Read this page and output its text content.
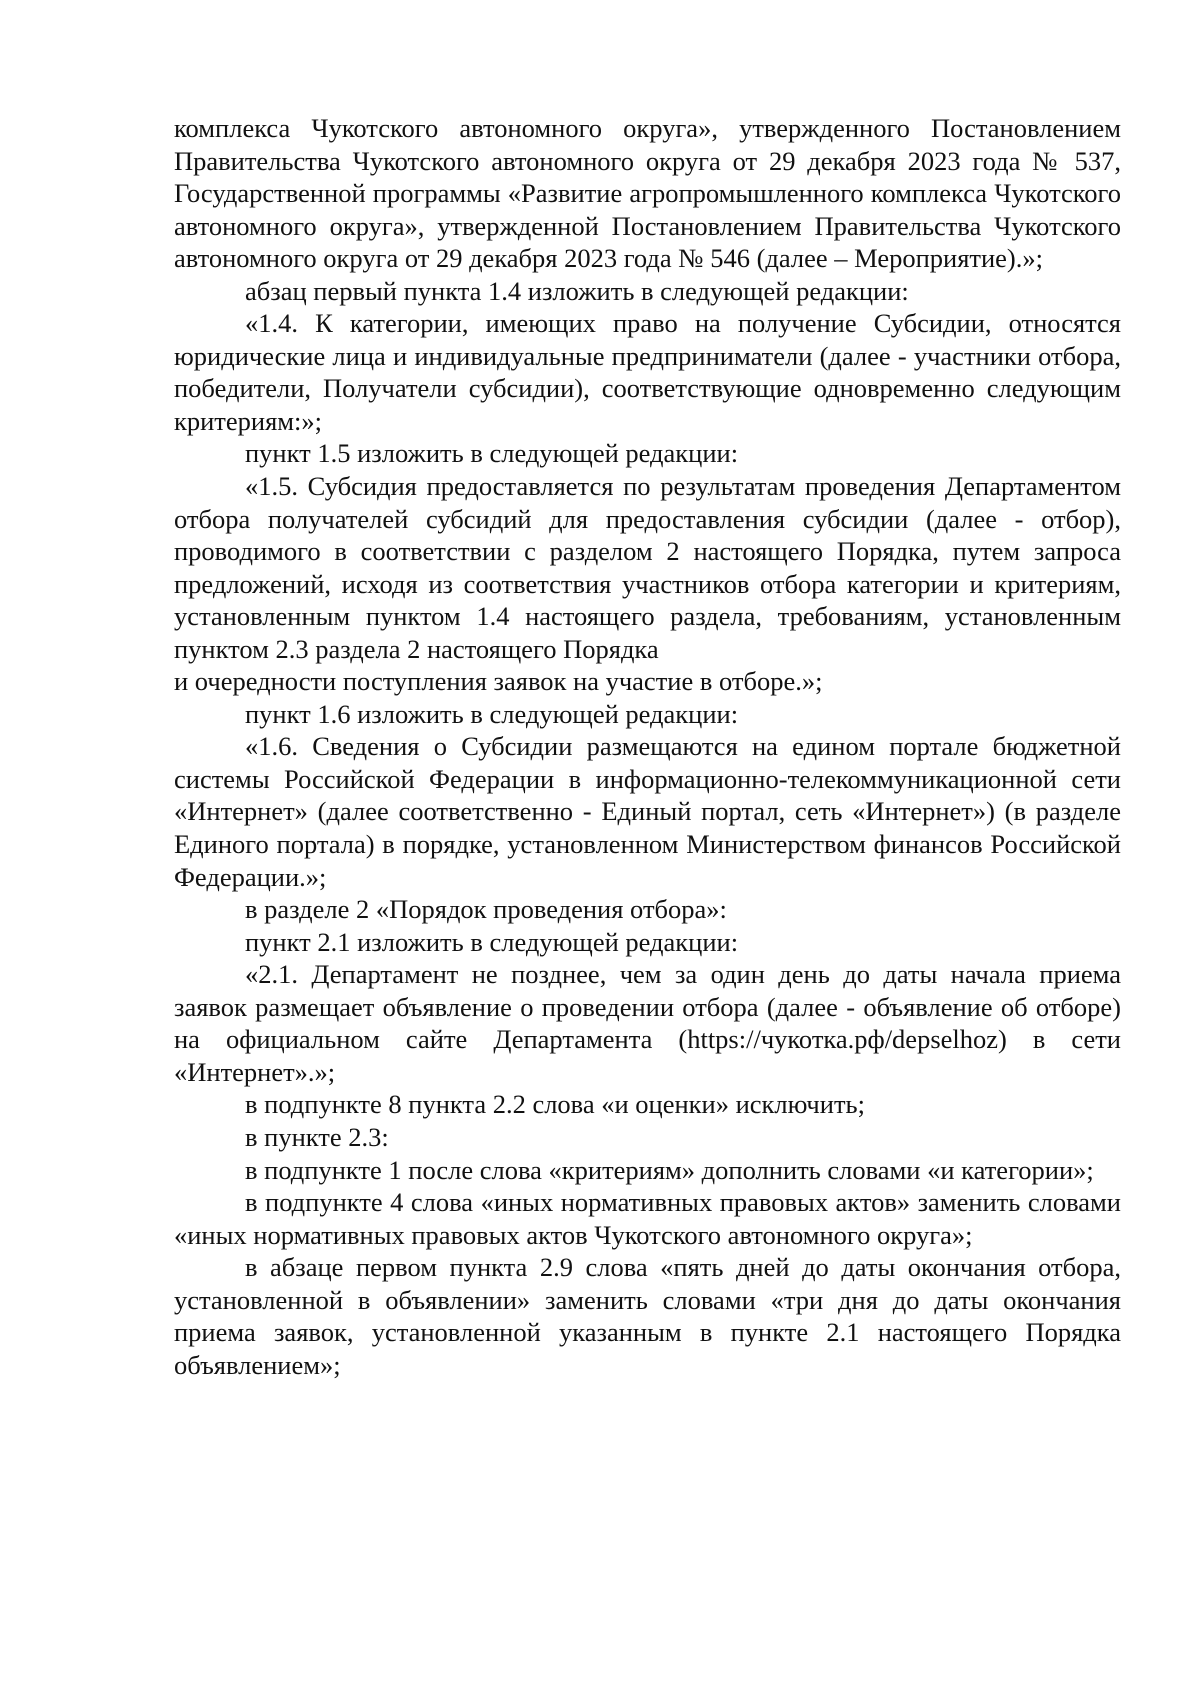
комплекса Чукотского автономного округа», утвержденного Постановлением Правительства Чукотского автономного округа от 29 декабря 2023 года № 537, Государственной программы «Развитие агропромышленного комплекса Чукотского автономного округа», утвержденной Постановлением Правительства Чукотского автономного округа от 29 декабря 2023 года № 546 (далее – Мероприятие).»;

абзац первый пункта 1.4 изложить в следующей редакции:

«1.4. К категории, имеющих право на получение Субсидии, относятся юридические лица и индивидуальные предприниматели (далее - участники отбора, победители, Получатели субсидии), соответствующие одновременно следующим критериям:»;

пункт 1.5 изложить в следующей редакции:

«1.5. Субсидия предоставляется по результатам проведения Департаментом отбора получателей субсидий для предоставления субсидии (далее - отбор), проводимого в соответствии с разделом 2 настоящего Порядка, путем запроса предложений, исходя из соответствия участников отбора категории и критериям, установленным пунктом 1.4 настоящего раздела, требованиям, установленным пунктом 2.3 раздела 2 настоящего Порядка

и очередности поступления заявок на участие в отборе.»;

пункт 1.6 изложить в следующей редакции:

«1.6. Сведения о Субсидии размещаются на едином портале бюджетной системы Российской Федерации в информационно-телекоммуникационной сети «Интернет» (далее соответственно - Единый портал, сеть «Интернет») (в разделе Единого портала) в порядке, установленном Министерством финансов Российской Федерации.»;

в разделе 2 «Порядок проведения отбора»:

пункт 2.1 изложить в следующей редакции:

«2.1. Департамент не позднее, чем за один день до даты начала приема заявок размещает объявление о проведении отбора (далее - объявление об отборе) на официальном сайте Департамента (https://чукотка.рф/depselhoz) в сети «Интернет».»;

в подпункте 8 пункта 2.2 слова «и оценки» исключить;

в пункте 2.3:

в подпункте 1 после слова «критериям» дополнить словами «и категории»;

в подпункте 4 слова «иных нормативных правовых актов» заменить словами «иных нормативных правовых актов Чукотского автономного округа»;

в абзаце первом пункта 2.9 слова «пять дней до даты окончания отбора, установленной в объявлении» заменить словами «три дня до даты окончания приема заявок, установленной указанным в пункте 2.1 настоящего Порядка объявлением»;
